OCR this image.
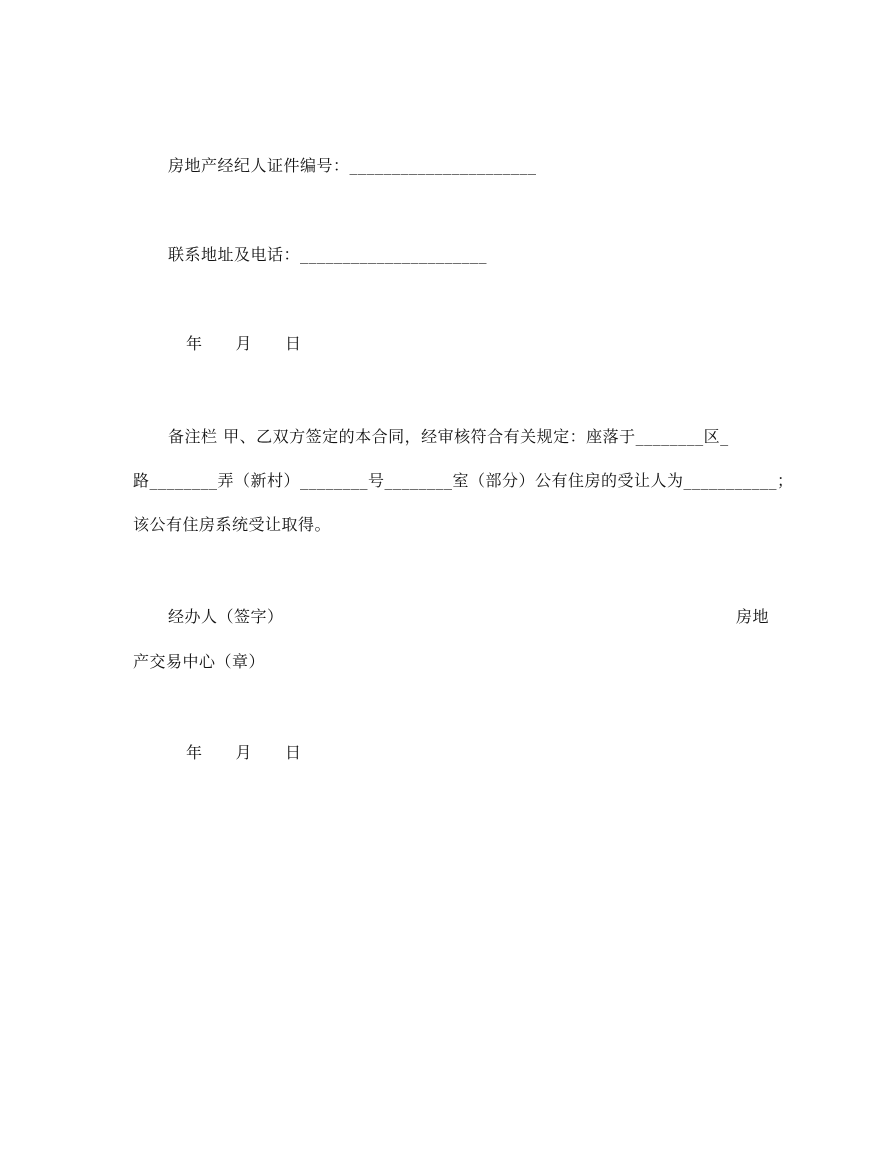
房地产经纪人证件编号：______________________
联系地址及电话：______________________
年　　月　　日
备注栏 甲、乙双方签定的本合同，经审核符合有关规定：座落于________区_
路________弄（新村）________号________室（部分）公有住房的受让人为___________；
该公有住房系统受让取得。
经办人（签字）	房地
产交易中心（章）
年　　月　　日
